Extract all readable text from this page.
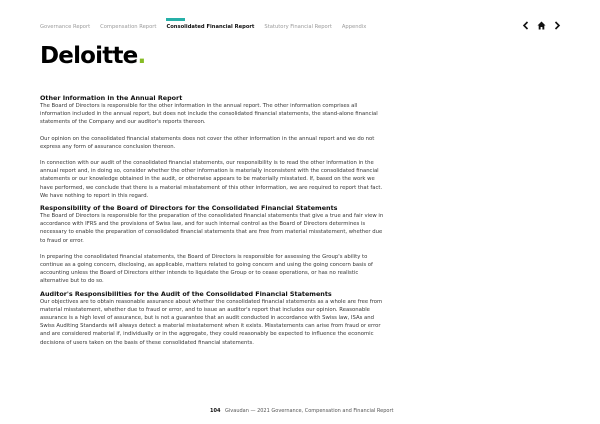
Governance Report Compensation Report Consolidated Financial Report Statutory Financial Report Appendix
Deloitte.
Other Information in the Annual Report

The Board of Directors is responsible for the other information in the annual report. The other information comprises all information included in the annual report, but does not include the consolidated financial statements, the stand-alone financial statements of the Company and our auditor's reports thereon.

Our opinion on the consolidated financial statements does not cover the other information in the annual report and we do not express any form of assurance conclusion thereon.

In connection with our audit of the consolidated financial statements, our responsibility is to read the other information in the annual report and, in doing so, consider whether the other information is materially inconsistent with the consolidated financial statements or our knowledge obtained in the audit, or otherwise appears to be materially misstated. If, based on the work we have performed, we conclude that there is a material misstatement of this other information, we are required to report that fact. We have nothing to report in this regard.

Responsibility of the Board of Directors for the Consolidated Financial Statements

The Board of Directors is responsible for the preparation of the consolidated financial statements that give a true and fair view in accordance with IFRS and the provisions of Swiss law, and for such internal control as the Board of Directors determines is necessary to enable the preparation of consolidated financial statements that are free from material misstatement, whether due to fraud or error.

In preparing the consolidated financial statements, the Board of Directors is responsible for assessing the Group's ability to continue as a going concern, disclosing, as applicable, matters related to going concern and using the going concern basis of accounting unless the Board of Directors either intends to liquidate the Group or to cease operations, or has no realistic alternative but to do so.

Auditor's Responsibilities for the Audit of the Consolidated Financial Statements

Our objectives are to obtain reasonable assurance about whether the consolidated financial statements as a whole are free from material misstatement, whether due to fraud or error, and to issue an auditor's report that includes our opinion. Reasonable assurance is a high level of assurance, but is not a guarantee that an audit conducted in accordance with Swiss law, ISAs and Swiss Auditing Standards will always detect a material misstatement when it exists. Misstatements can arise from fraud or error and are considered material if, individually or in the aggregate, they could reasonably be expected to influence the economic decisions of users taken on the basis of these consolidated financial statements.

104 Givaudan — 2021 Governance, Compensation and Financial Report
